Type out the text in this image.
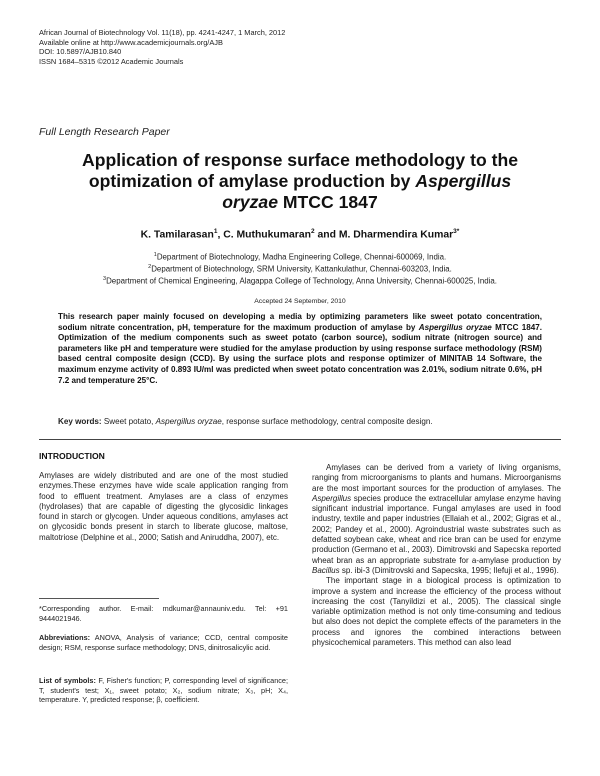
African Journal of Biotechnology Vol. 11(18), pp. 4241-4247, 1 March, 2012
Available online at http://www.academicjournals.org/AJB
DOI: 10.5897/AJB10.840
ISSN 1684–5315 ©2012 Academic Journals
Full Length Research Paper
Application of response surface methodology to the
optimization of amylase production by Aspergillus
oryzae MTCC 1847
K. Tamilarasan$^1$, C. Muthukumaran$^2$ and M. Dharmendira Kumar$^{3*}$
$^1$Department of Biotechnology, Madha Engineering College, Chennai-600069, India.
$^2$Department of Biotechnology, SRM University, Kattankulathur, Chennai-603203, India.
$^3$Department of Chemical Engineering, Alagappa College of Technology, Anna University, Chennai-600025, India.
Accepted 24 September, 2010
This research paper mainly focused on developing a media by optimizing parameters like sweet potato concentration, sodium nitrate concentration, pH, temperature for the maximum production of amylase by Aspergillus oryzae MTCC 1847. Optimization of the medium components such as sweet potato (carbon source), sodium nitrate (nitrogen source) and parameters like pH and temperature were studied for the amylase production by using response surface methodology (RSM) based central composite design (CCD). By using the surface plots and response optimizer of MINITAB 14 Software, the maximum enzyme activity of 0.893 IU/ml was predicted when sweet potato concentration was 2.01%, sodium nitrate 0.6%, pH 7.2 and temperature 25°C.
Key words: Sweet potato, Aspergillus oryzae, response surface methodology, central composite design.
INTRODUCTION

Amylases are widely distributed and are one of the most studied enzymes.These enzymes have wide scale application ranging from food to effluent treatment. Amylases are a class of enzymes (hydrolases) that are capable of digesting the glycosidic linkages found in starch or glycogen. Under aqueous conditions, amylases act on glycosidic bonds present in starch to liberate glucose, maltose, maltotriose (Delphine et al., 2000; Satish and Aniruddha, 2007), etc.

*Corresponding author. E-mail: mdkumar@annauniv.edu. Tel: +91 9444021946.
Abbreviations: ANOVA, Analysis of variance; CCD, central composite design; RSM, response surface methodology; DNS, dinitrosalicylic acid.
List of symbols: F, Fisher's function; P, corresponding level of significance; T, student's test; X₁, sweet potato; X₂, sodium nitrate; X₃, pH; X₄, temperature. Y, predicted response; β, coefficient.

Amylases can be derived from a variety of living organisms, ranging from microorganisms to plants and humans. Microorganisms are the most important sources for the production of amylases. The Aspergillus species produce the extracellular amylase enzyme having significant industrial importance. Fungal amylases are used in food industry, textile and paper industries (Ellaiah et al., 2002; Gigras et al., 2002; Pandey et al., 2000). Agroindustrial waste substrates such as defatted soybean cake, wheat and rice bran can be used for enzyme production (Germano et al., 2003). Dimitrovski and Sapecska reported wheat bran as an appropriate substrate for a-amylase production by Bacillus sp. ibi-3 (Dimitrovski and Sapecska, 1995; Ilefuji et al., 1996).

The important stage in a biological process is optimization to improve a system and increase the efficiency of the process without increasing the cost (Tanyildizi et al., 2005). The classical single variable optimization method is not only time-consuming and tedious but also does not depict the complete effects of the parameters in the process and ignores the combined interactions between physicochemical parameters. This method can also lead
